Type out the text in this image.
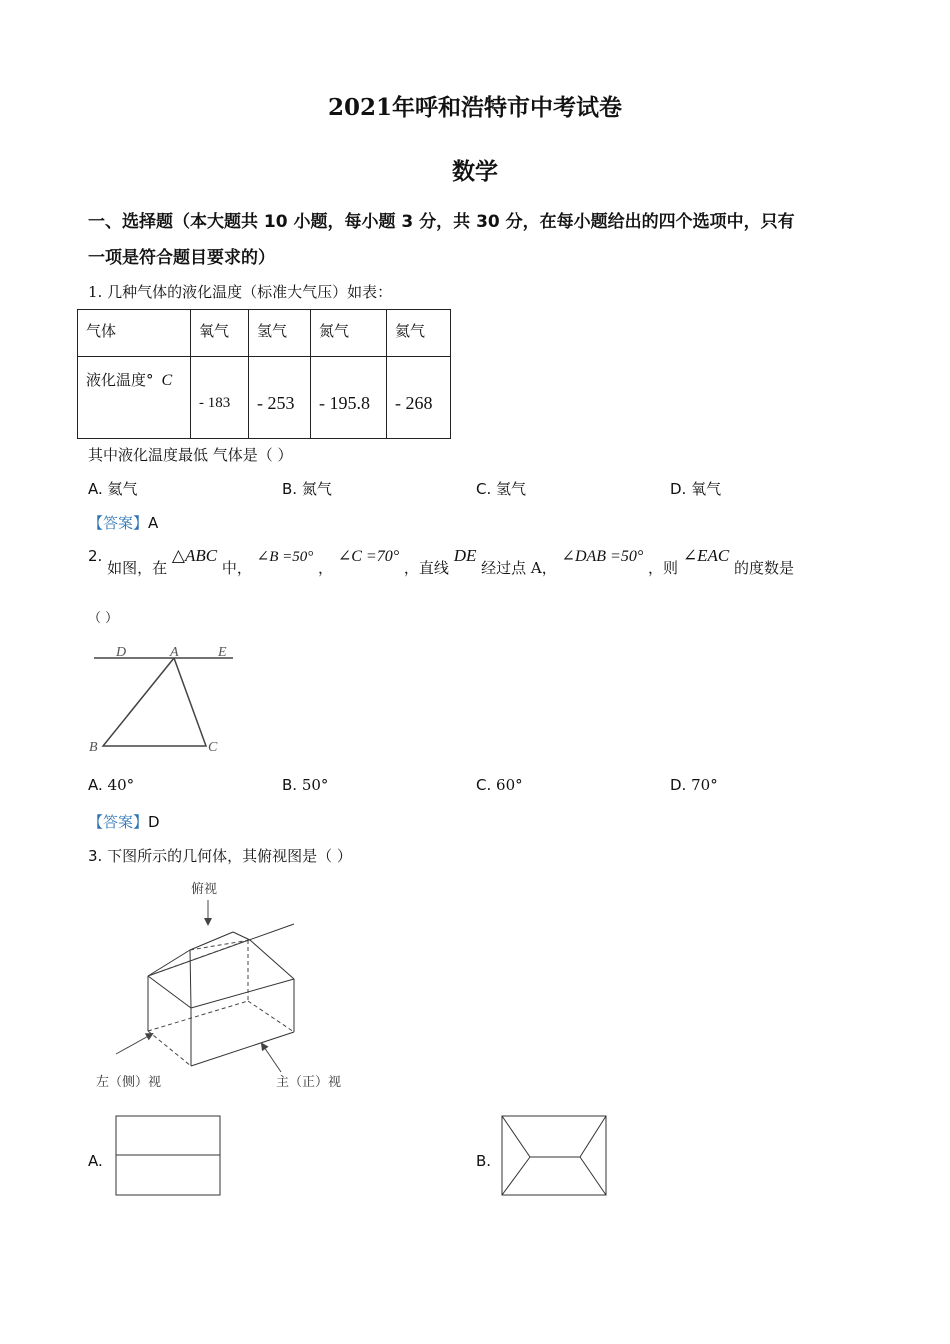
2021年呼和浩特市中考试卷
数学
一、选择题（本大题共 10 小题，每小题 3 分，共 30 分，在每小题给出的四个选项中，只有
一项是符合题目要求的）
1. 几种气体的液化温度（标准大气压）如表：
气体	氧气	氢气	氮气	氦气
液化温度° C	- 183	- 253	- 195.8	- 268
其中液化温度最低 气体是（ ）
A. 氦气	B. 氮气	C. 氢气	D. 氧气
【答案】A
2. 如图，在 △ABC 中， ∠B =50° ， ∠C =70° ，直线 DE 经过点 A， ∠DAB =50° ，则 ∠EAC 的度数是
（ ）
D	A	E
B	C
A. 40°	B. 50°	C. 60°	D. 70°
【答案】D
3. 下图所示的几何体，其俯视图是（ ）
俯视
左（侧）视	主（正）视
A.	B.
